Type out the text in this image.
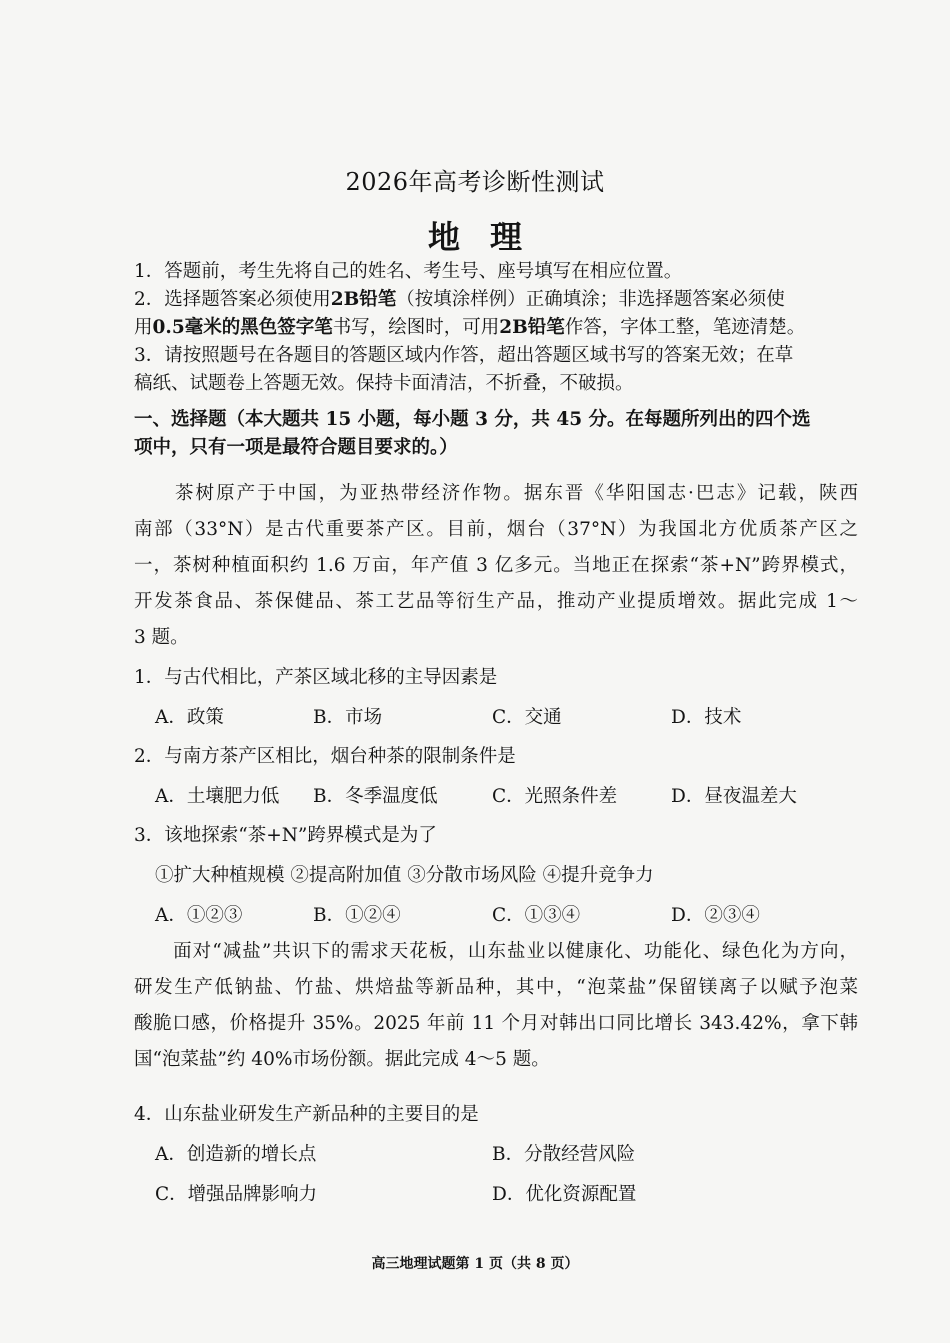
2026年高考诊断性测试
地理
1．答题前，考生先将自己的姓名、考生号、座号填写在相应位置。
2．选择题答案必须使用2B铅笔（按填涂样例）正确填涂；非选择题答案必须使
用0.5毫米的黑色签字笔书写，绘图时，可用2B铅笔作答，字体工整，笔迹清楚。
3．请按照题号在各题目的答题区域内作答，超出答题区域书写的答案无效；在草
稿纸、试题卷上答题无效。保持卡面清洁，不折叠，不破损。
一、选择题（本大题共 15 小题，每小题 3 分，共 45 分。在每题所列出的四个选
项中，只有一项是最符合题目要求的。）
　　茶树原产于中国，为亚热带经济作物。据东晋《华阳国志·巴志》记载，陕西
南部（33°N）是古代重要茶产区。目前，烟台（37°N）为我国北方优质茶产区之
一，茶树种植面积约 1.6 万亩，年产值 3 亿多元。当地正在探索“茶+N”跨界模式，
开发茶食品、茶保健品、茶工艺品等衍生产品，推动产业提质增效。据此完成 1～
3 题。
1．与古代相比，产茶区域北移的主导因素是
A．政策	B．市场	C．交通	D．技术
2．与南方茶产区相比，烟台种茶的限制条件是
A．土壤肥力低 B．冬季温度低	C．光照条件差	D．昼夜温差大
3．该地探索“茶+N”跨界模式是为了
①扩大种植规模 ②提高附加值 ③分散市场风险 ④提升竞争力
A．①②③	B．①②④	C．①③④	D．②③④
　　面对“减盐”共识下的需求天花板，山东盐业以健康化、功能化、绿色化为方向，
研发生产低钠盐、竹盐、烘焙盐等新品种，其中，“泡菜盐”保留镁离子以赋予泡菜
酸脆口感，价格提升 35%。2025 年前 11 个月对韩出口同比增长 343.42%，拿下韩
国“泡菜盐”约 40%市场份额。据此完成 4～5 题。
4．山东盐业研发生产新品种的主要目的是
A．创造新的增长点	B．分散经营风险
C．增强品牌影响力	D．优化资源配置
高三地理试题第 1 页（共 8 页）
